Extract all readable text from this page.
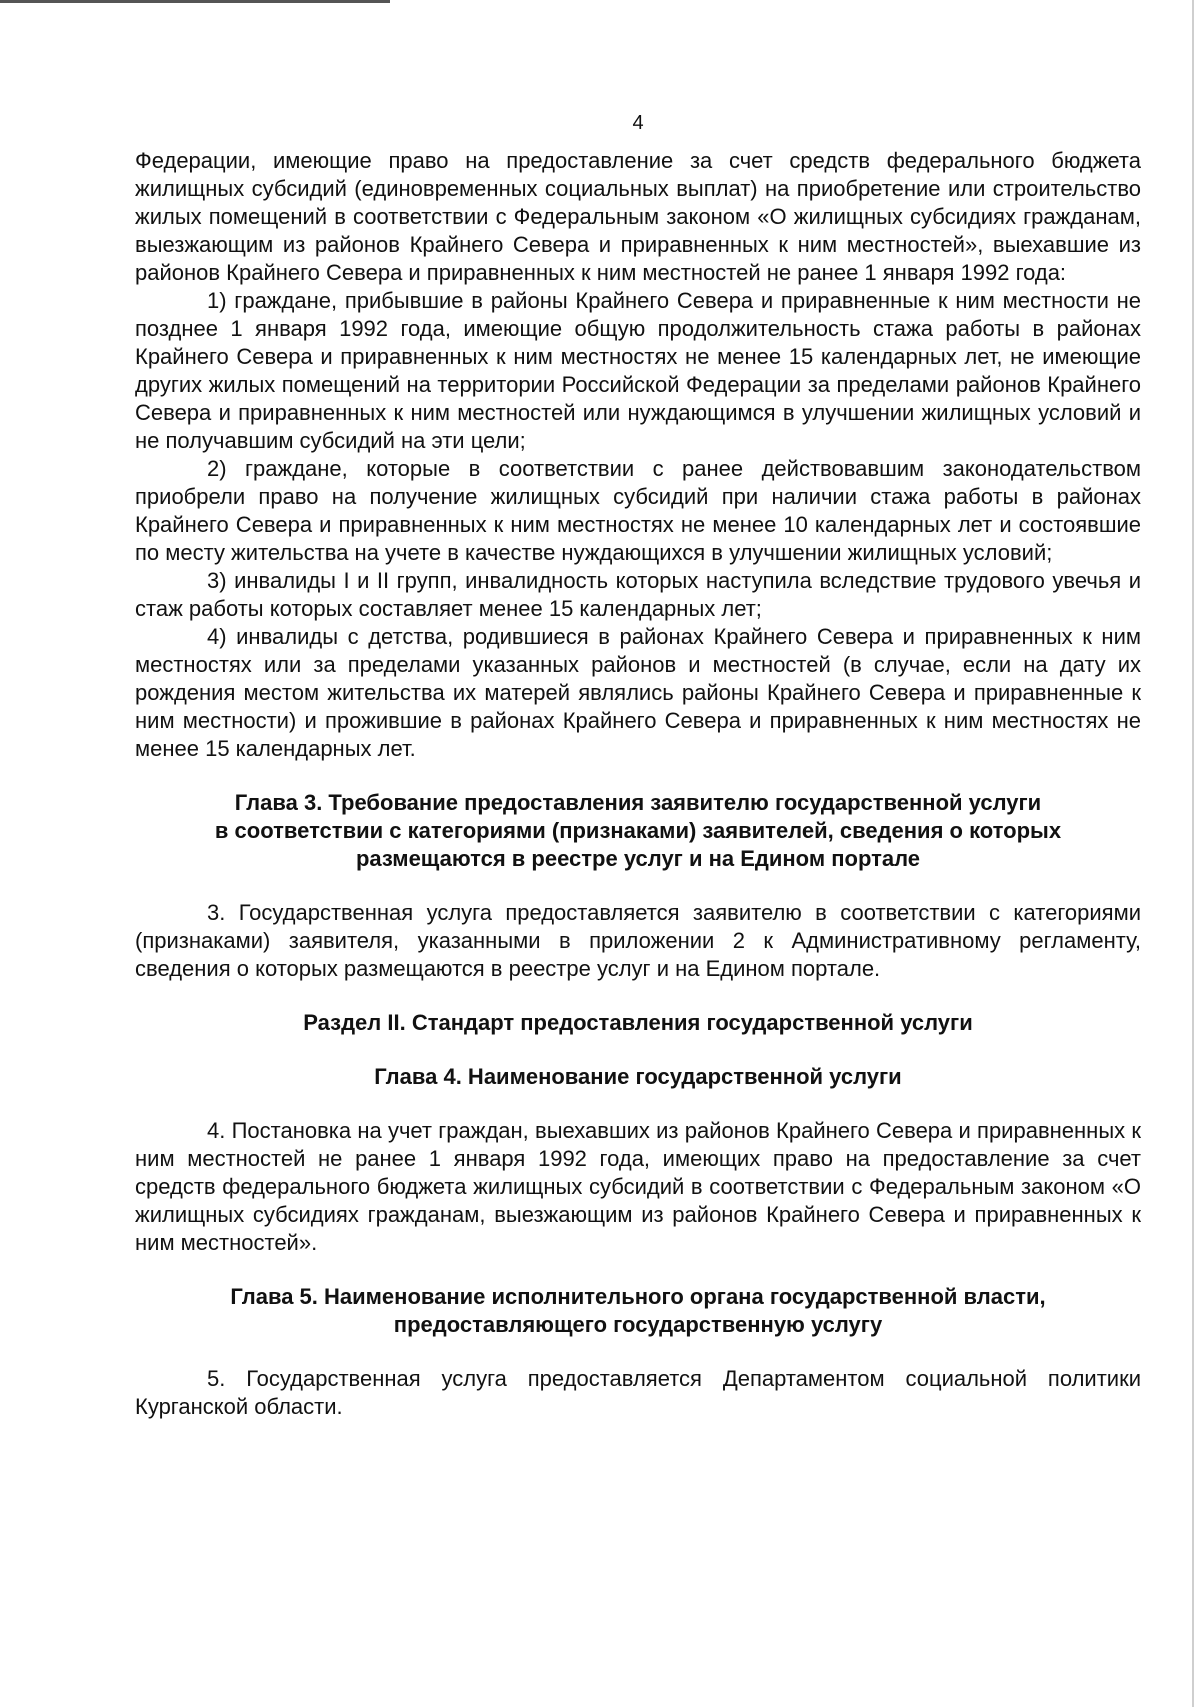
4

Федерации, имеющие право на предоставление за счет средств федерального бюджета жилищных субсидий (единовременных социальных выплат) на приобретение или строительство жилых помещений в соответствии с Федеральным законом «О жилищных субсидиях гражданам, выезжающим из районов Крайнего Севера и приравненных к ним местностей», выехавшие из районов Крайнего Севера и приравненных к ним местностей не ранее 1 января 1992 года:

1) граждане, прибывшие в районы Крайнего Севера и приравненные к ним местности не позднее 1 января 1992 года, имеющие общую продолжительность стажа работы в районах Крайнего Севера и приравненных к ним местностях не менее 15 календарных лет, не имеющие других жилых помещений на территории Российской Федерации за пределами районов Крайнего Севера и приравненных к ним местностей или нуждающимся в улучшении жилищных условий и не получавшим субсидий на эти цели;

2) граждане, которые в соответствии с ранее действовавшим законодательством приобрели право на получение жилищных субсидий при наличии стажа работы в районах Крайнего Севера и приравненных к ним местностях не менее 10 календарных лет и состоявшие по месту жительства на учете в качестве нуждающихся в улучшении жилищных условий;

3) инвалиды I и II групп, инвалидность которых наступила вследствие трудового увечья и стаж работы которых составляет менее 15 календарных лет;

4) инвалиды с детства, родившиеся в районах Крайнего Севера и приравненных к ним местностях или за пределами указанных районов и местностей (в случае, если на дату их рождения местом жительства их матерей являлись районы Крайнего Севера и приравненные к ним местности) и прожившие в районах Крайнего Севера и приравненных к ним местностях не менее 15 календарных лет.

Глава 3. Требование предоставления заявителю государственной услуги

в соответствии с категориями (признаками) заявителей, сведения о которых

размещаются в реестре услуг и на Едином портале

3. Государственная услуга предоставляется заявителю в соответствии с категориями (признаками) заявителя, указанными в приложении 2 к Административному регламенту, сведения о которых размещаются в реестре услуг и на Едином портале.

Раздел II. Стандарт предоставления государственной услуги

Глава 4. Наименование государственной услуги

4. Постановка на учет граждан, выехавших из районов Крайнего Севера и приравненных к ним местностей не ранее 1 января 1992 года, имеющих право на предоставление за счет средств федерального бюджета жилищных субсидий в соответствии с Федеральным законом «О жилищных субсидиях гражданам, выезжающим из районов Крайнего Севера и приравненных к ним местностей».

Глава 5. Наименование исполнительного органа государственной власти,

предоставляющего государственную услугу

5. Государственная услуга предоставляется Департаментом социальной политики Курганской области.
